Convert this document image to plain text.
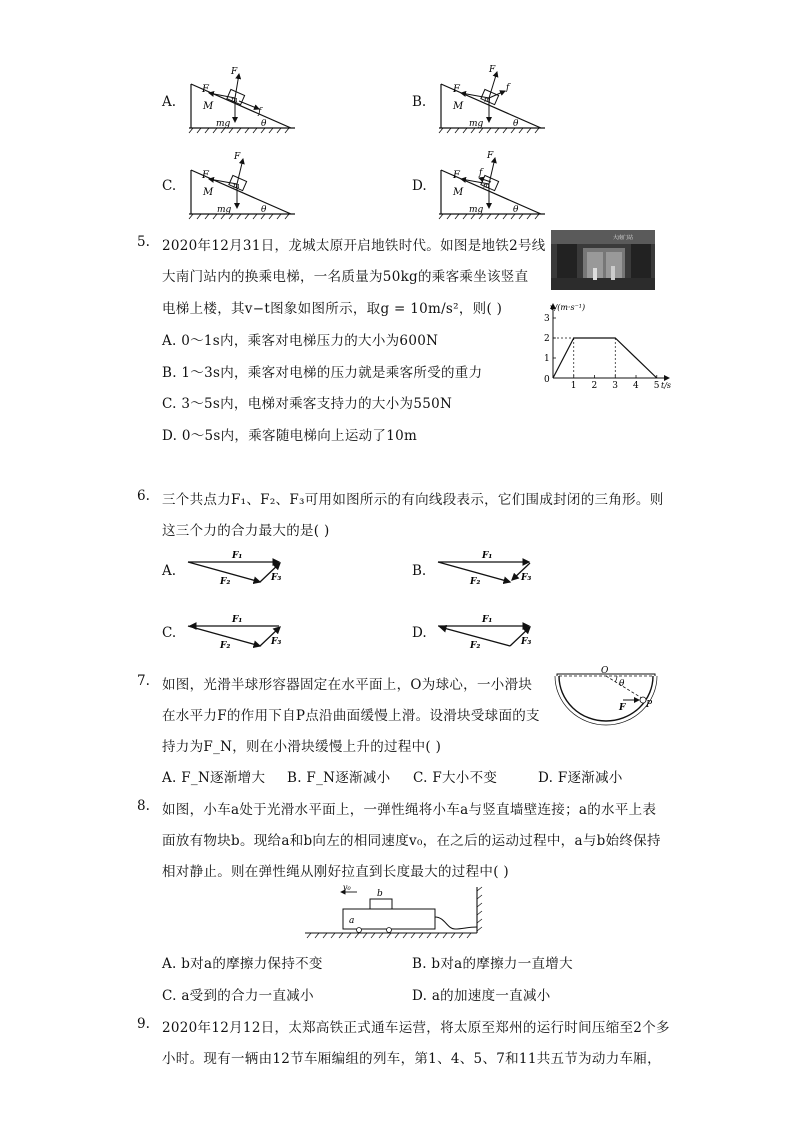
A.	B.
C.	D.
F
F
M
m
mg
f
θ
F
F
M
m
mg
f
θ
F
F
M
m
mg	θ
F
F
M
m
mg
f
θ
5. 2020年12月31日，龙城太原开启地铁时代。如图是地铁2号线
大南门站内的换乘电梯，一名质量为50kg的乘客乘坐该竖直
电梯上楼，其v−t图象如图所示，取g = 10m/s²，则( )
A. 0～1s内，乘客对电梯压力的大小为600N
B. 1～3s内，乘客对电梯的压力就是乘客所受的重力
C. 3～5s内，电梯对乘客支持力的大小为550N
D. 0～5s内，乘客随电梯向上运动了10m
大南门站
1 2 3 4 5
1
2
3
0
v/(m·s⁻¹)
t/s
6. 三个共点力F₁、F₂、F₃可用如图所示的有向线段表示，它们围成封闭的三角形。则
这三个力的合力最大的是( )
A.	B.
C.	D.
F₁
F₂	F₃
F₁
F₂	F₃
F₁
F₂	F₃
F₁
F₂	F₃
7. 如图，光滑半球形容器固定在水平面上，O为球心，一小滑块
在水平力F的作用下自P点沿曲面缓慢上滑。设滑块受球面的支
持力为F_N，则在小滑块缓慢上升的过程中( )
A. F_N逐渐增大 B. F_N逐渐减小 C. F大小不变	D. F逐渐减小
O
θ
F P
8. 如图，小车a处于光滑水平面上，一弹性绳将小车a与竖直墙壁连接；a的水平上表
面放有物块b。现给a和b向左的相同速度v₀，在之后的运动过程中，a与b始终保持
相对静止。则在弹性绳从刚好拉直到长度最大的过程中( )
v₀
b
a
A. b对a的摩擦力保持不变	B. b对a的摩擦力一直增大
C. a受到的合力一直减小	D. a的加速度一直减小
9. 2020年12月12日，太郑高铁正式通车运营，将太原至郑州的运行时间压缩至2个多
小时。现有一辆由12节车厢编组的列车，第1、4、5、7和11共五节为动力车厢，
